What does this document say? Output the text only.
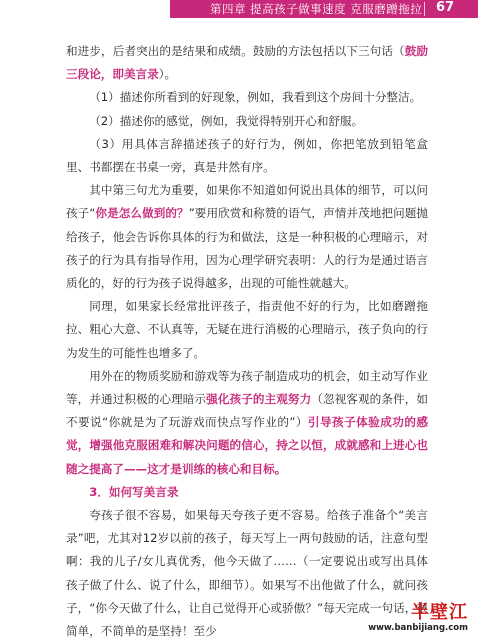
第四章 提高孩子做事速度 克服磨蹭拖拉 67

和进步，后者突出的是结果和成绩。鼓励的方法包括以下三句话（鼓励三段论，即美言录）。

（1）描述你所看到的好现象，例如，我看到这个房间十分整洁。

（2）描述你的感觉，例如，我觉得特别开心和舒服。

（3）用具体言辞描述孩子的好行为，例如，你把笔放到铅笔盒里、书都摆在书桌一旁，真是井然有序。

其中第三句尤为重要，如果你不知道如何说出具体的细节，可以问孩子“你是怎么做到的？”要用欣赏和称赞的语气，声情并茂地把问题抛给孩子，他会告诉你具体的行为和做法，这是一种积极的心理暗示，对孩子的行为具有指导作用，因为心理学研究表明：人的行为是通过语言质化的，好的行为孩子说得越多，出现的可能性就越大。

同理，如果家长经常批评孩子，指责他不好的行为，比如磨蹭拖拉、粗心大意、不认真等，无疑在进行消极的心理暗示，孩子负向的行为发生的可能性也增多了。

用外在的物质奖励和游戏等为孩子制造成功的机会，如主动写作业等，并通过积极的心理暗示强化孩子的主观努力（忽视客观的条件，如不要说“你就是为了玩游戏而快点写作业的”）引导孩子体验成功的感觉，增强他克服困难和解决问题的信心，持之以恒，成就感和上进心也随之提高了——这才是训练的核心和目标。

3．如何写美言录

夸孩子很不容易，如果每天夸孩子更不容易。给孩子准备个“美言录”吧，尤其对12岁以前的孩子，每天写上一两句鼓励的话，注意句型啊：我的儿子/女儿真优秀，他今天做了……（一定要说出或写出具体孩子做了什么、说了什么，即细节）。如果写不出他做了什么，就问孩子，“你今天做了什么，让自己觉得开心或骄傲？”每天完成一句话，很简单，不简单的是坚持！至少

半壁江
www.banbijiang.com
